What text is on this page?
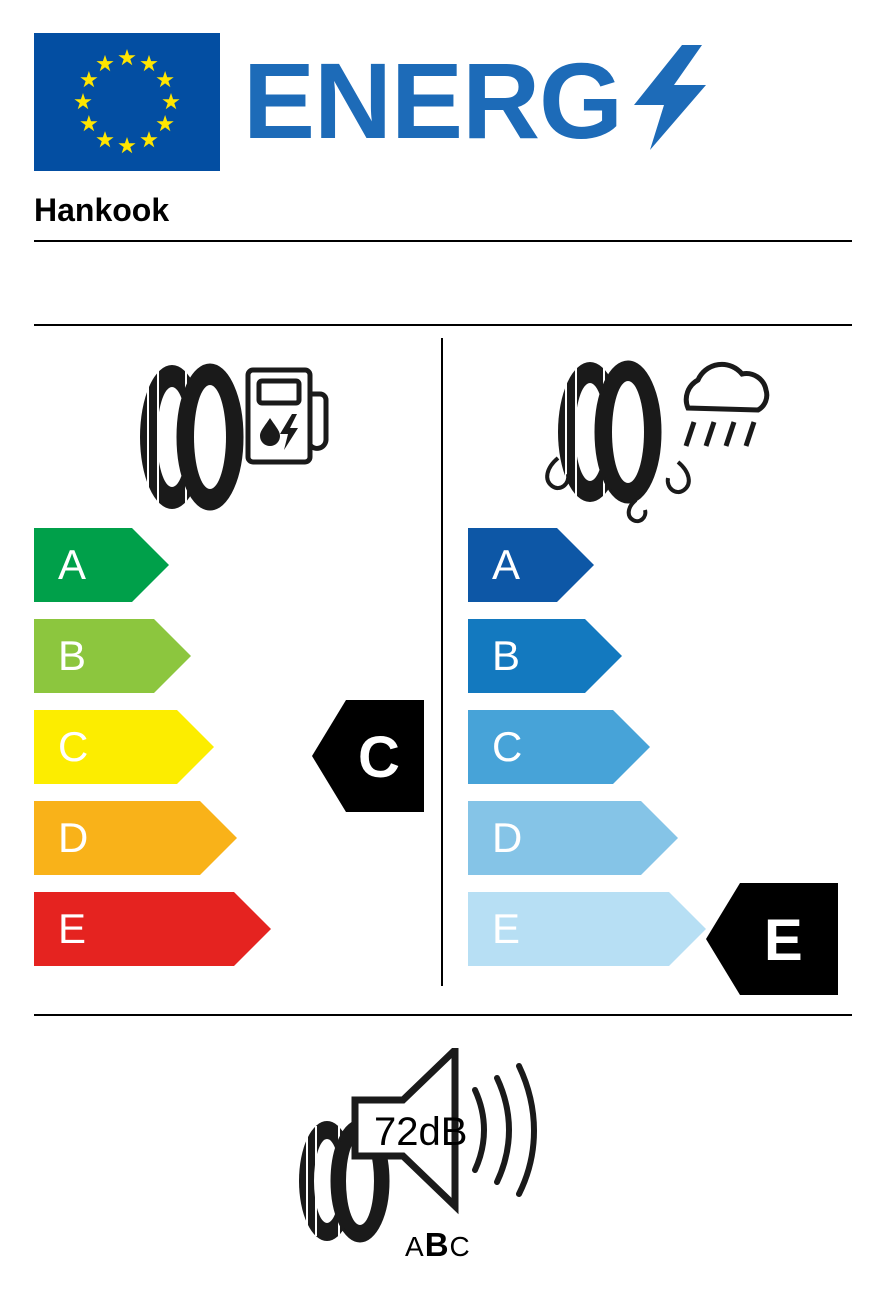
ENERG
Hankook
A
B
C
D
E
C
A
B
C
D
E	E
72dB
ABC
